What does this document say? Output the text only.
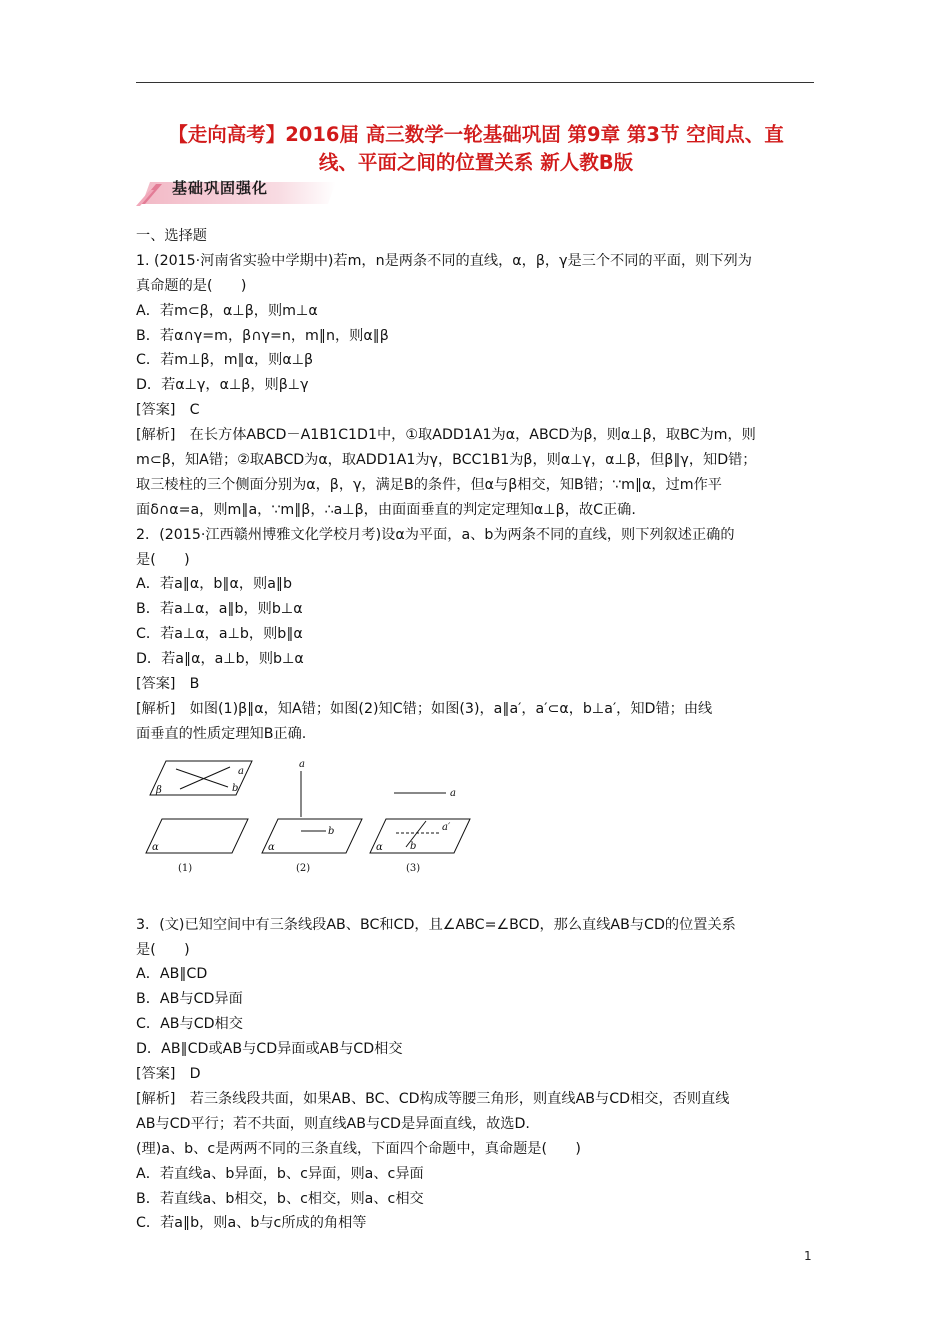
【走向高考】2016届 高三数学一轮基础巩固 第9章 第3节 空间点、直
线、平面之间的位置关系 新人教B版
基础巩固强化
一、选择题
1. (2015·河南省实验中学期中)若m，n是两条不同的直线，α，β，γ是三个不同的平面，则下列为
真命题的是(　　)
A．若m⊂β，α⊥β，则m⊥α
B．若α∩γ=m，β∩γ=n，m∥n，则α∥β
C．若m⊥β，m∥α，则α⊥β
D．若α⊥γ，α⊥β，则β⊥γ
[答案]　C
[解析]　在长方体ABCD－A1B1C1D1中，①取ADD1A1为α，ABCD为β，则α⊥β，取BC为m，则
m⊂β，知A错；②取ABCD为α，取ADD1A1为γ，BCC1B1为β，则α⊥γ，α⊥β，但β∥γ，知D错；
取三棱柱的三个侧面分别为α，β，γ，满足B的条件，但α与β相交，知B错；∵m∥α，过m作平
面δ∩α=a，则m∥a，∵m∥β，∴a⊥β，由面面垂直的判定定理知α⊥β，故C正确.
2．(2015·江西赣州博雅文化学校月考)设α为平面，a、b为两条不同的直线，则下列叙述正确的
是(　　)
A．若a∥α，b∥α，则a∥b
B．若a⊥α，a∥b，则b⊥α
C．若a⊥α，a⊥b，则b∥α
D．若a∥α，a⊥b，则b⊥α
[答案]　B
[解析]　如图(1)β∥α，知A错；如图(2)知C错；如图(3)，a∥a′，a′⊂α，b⊥a′，知D错；由线
面垂直的性质定理知B正确.
a
b
β
α
(1)
a
b
α
(2)
a
a′
b
α
(3)
3．(文)已知空间中有三条线段AB、BC和CD，且∠ABC=∠BCD，那么直线AB与CD的位置关系
是(　　)
A．AB∥CD
B．AB与CD异面
C．AB与CD相交
D．AB∥CD或AB与CD异面或AB与CD相交
[答案]　D
[解析]　若三条线段共面，如果AB、BC、CD构成等腰三角形，则直线AB与CD相交，否则直线
AB与CD平行；若不共面，则直线AB与CD是异面直线，故选D.
(理)a、b、c是两两不同的三条直线，下面四个命题中，真命题是(　　)
A．若直线a、b异面，b、c异面，则a、c异面
B．若直线a、b相交，b、c相交，则a、c相交
C．若a∥b，则a、b与c所成的角相等
1
